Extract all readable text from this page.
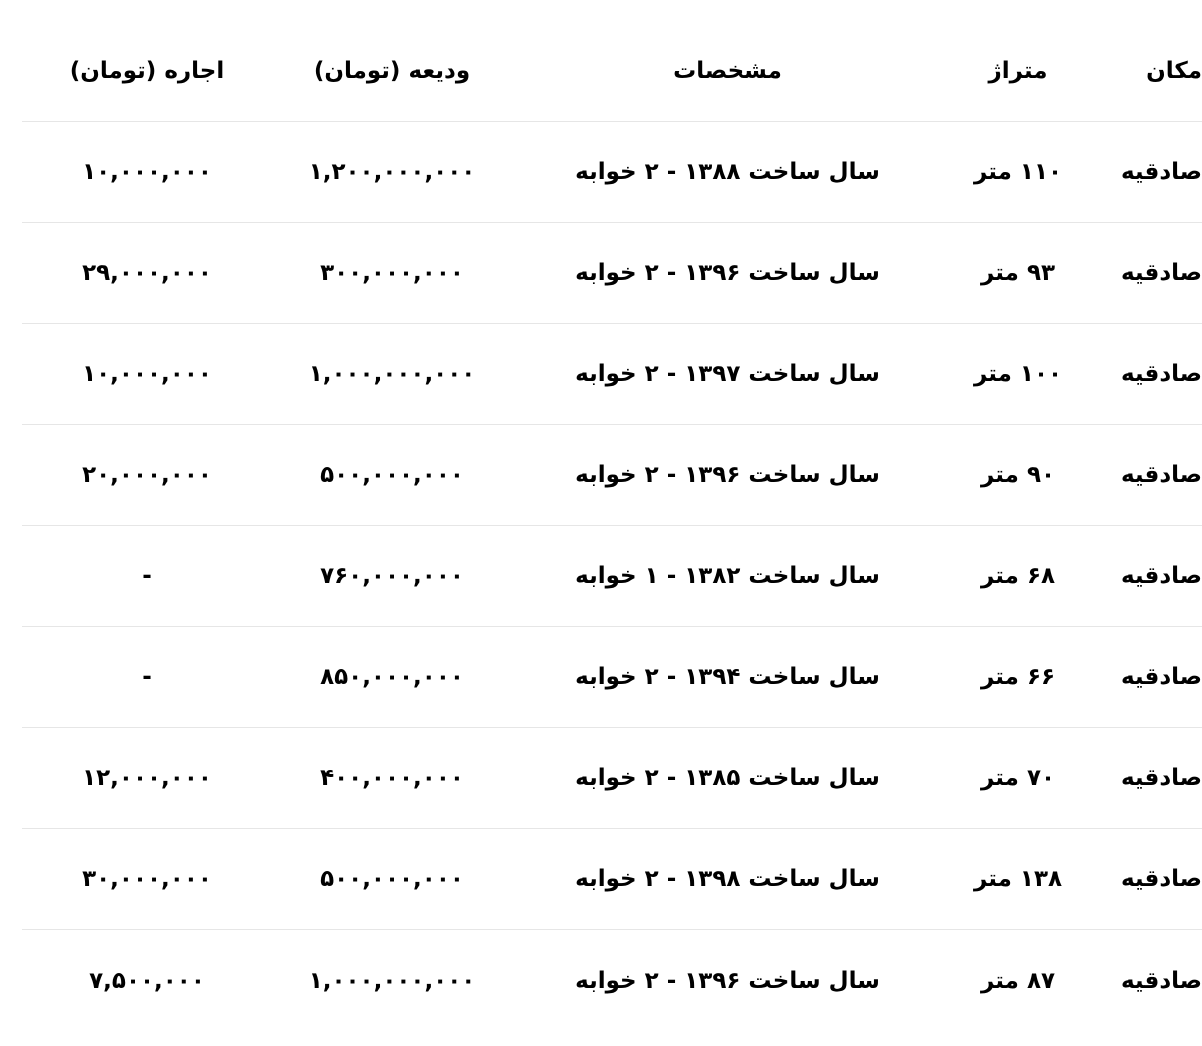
مکان
متراژ
مشخصات
ودیعه (تومان)
اجاره (تومان)
صادقیه
۱۱۰ متر
سال ساخت ۱۳۸۸ - ۲ خوابه
۱,۲۰۰,۰۰۰,۰۰۰
۱۰,۰۰۰,۰۰۰
صادقیه
۹۳ متر
سال ساخت ۱۳۹۶ - ۲ خوابه
۳۰۰,۰۰۰,۰۰۰
۲۹,۰۰۰,۰۰۰
صادقیه
۱۰۰ متر
سال ساخت ۱۳۹۷ - ۲ خوابه
۱,۰۰۰,۰۰۰,۰۰۰
۱۰,۰۰۰,۰۰۰
صادقیه
۹۰ متر
سال ساخت ۱۳۹۶ - ۲ خوابه
۵۰۰,۰۰۰,۰۰۰
۲۰,۰۰۰,۰۰۰
صادقیه
۶۸ متر
سال ساخت ۱۳۸۲ - ۱ خوابه
۷۶۰,۰۰۰,۰۰۰
-
صادقیه
۶۶ متر
سال ساخت ۱۳۹۴ - ۲ خوابه
۸۵۰,۰۰۰,۰۰۰
-
صادقیه
۷۰ متر
سال ساخت ۱۳۸۵ - ۲ خوابه
۴۰۰,۰۰۰,۰۰۰
۱۲,۰۰۰,۰۰۰
صادقیه
۱۳۸ متر
سال ساخت ۱۳۹۸ - ۲ خوابه
۵۰۰,۰۰۰,۰۰۰
۳۰,۰۰۰,۰۰۰
صادقیه
۸۷ متر
سال ساخت ۱۳۹۶ - ۲ خوابه
۱,۰۰۰,۰۰۰,۰۰۰
۷,۵۰۰,۰۰۰
